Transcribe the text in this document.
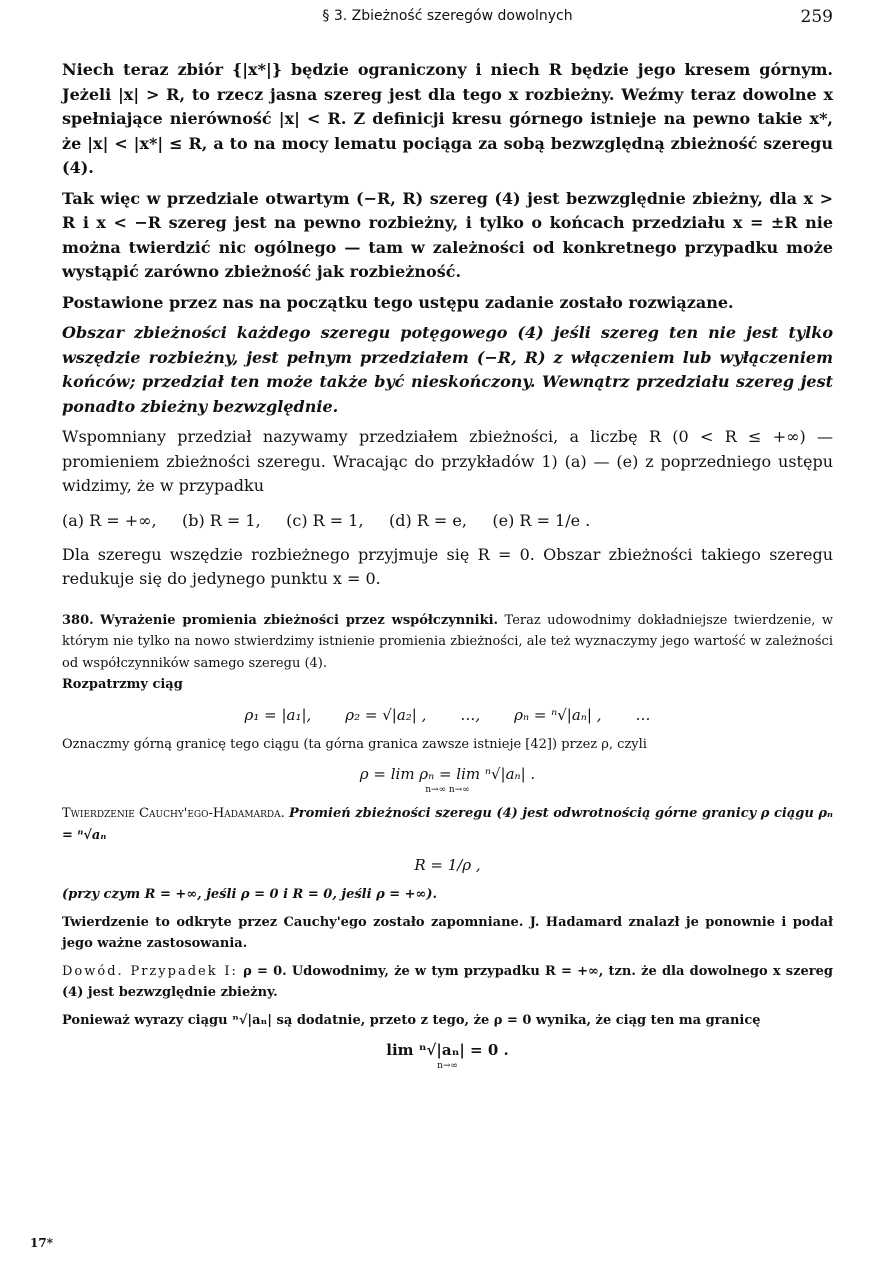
§ 3. Zbieżność szeregów dowolnych	259

Niech teraz zbiór {|x*|} będzie ograniczony i niech R będzie jego kresem górnym. Jeżeli |x| > R, to rzecz jasna szereg jest dla tego x rozbieżny. Weźmy teraz dowolne x spełniające nierówność |x| < R. Z definicji kresu górnego istnieje na pewno takie x*, że |x| < |x*| ≤ R, a to na mocy lematu pociąga za sobą bezwzględną zbieżność szeregu (4).

Tak więc w przedziale otwartym (−R, R) szereg (4) jest bezwzględnie zbieżny, dla x > R i x < −R szereg jest na pewno rozbieżny, i tylko o końcach przedziału x = ±R nie można twierdzić nic ogólnego — tam w zależności od konkretnego przypadku może wystąpić zarówno zbieżność jak rozbieżność.

Postawione przez nas na początku tego ustępu zadanie zostało rozwiązane.

Obszar zbieżności każdego szeregu potęgowego (4) jeśli szereg ten nie jest tylko wszędzie rozbieżny, jest pełnym przedziałem (−R, R) z włączeniem lub wyłączeniem końców; przedział ten może także być nieskończony. Wewnątrz przedziału szereg jest ponadto zbieżny bezwzględnie.

Wspomniany przedział nazywamy przedziałem zbieżności, a liczbę R (0 < R ≤ +∞) — promieniem zbieżności szeregu. Wracając do przykładów 1) (a) — (e) z poprzedniego ustępu widzimy, że w przypadku

(a) R = +∞,     (b) R = 1,     (c) R = 1,     (d) R = e,     (e) R = 1/e .

Dla szeregu wszędzie rozbieżnego przyjmuje się R = 0. Obszar zbieżności takiego szeregu redukuje się do jedynego punktu x = 0.

380. Wyrażenie promienia zbieżności przez współczynniki. Teraz udowodnimy dokładniejsze twierdzenie, w którym nie tylko na nowo stwierdzimy istnienie promienia zbieżności, ale też wyznaczymy jego wartość w zależności od współczynników samego szeregu (4).

Rozpatrzmy ciąg

ρ₁ = |a₁|, ρ₂ = √|a₂| , …, ρₙ = ⁿ√|aₙ| , …

Oznaczmy górną granicę tego ciągu (ta górna granica zawsze istnieje [42]) przez ρ, czyli

ρ = lim ρₙ = lim ⁿ√|aₙ| .
n→∞ n→∞

Twierdzenie Cauchy'ego-Hadamarda. Promień zbieżności szeregu (4) jest odwrotnością górne granicy ρ ciągu ρₙ = ⁿ√aₙ

R = 1/ρ ,

(przy czym R = +∞, jeśli ρ = 0 i R = 0, jeśli ρ = +∞).

Twierdzenie to odkryte przez Cauchy'ego zostało zapomniane. J. Hadamard znalazł je ponownie i podał jego ważne zastosowania.

Dowód. Przypadek I: ρ = 0. Udowodnimy, że w tym przypadku R = +∞, tzn. że dla dowolnego x szereg (4) jest bezwzględnie zbieżny.

Ponieważ wyrazy ciągu ⁿ√|aₙ| są dodatnie, przeto z tego, że ρ = 0 wynika, że ciąg ten ma granicę

lim ⁿ√|aₙ| = 0 .
n→∞
17*
